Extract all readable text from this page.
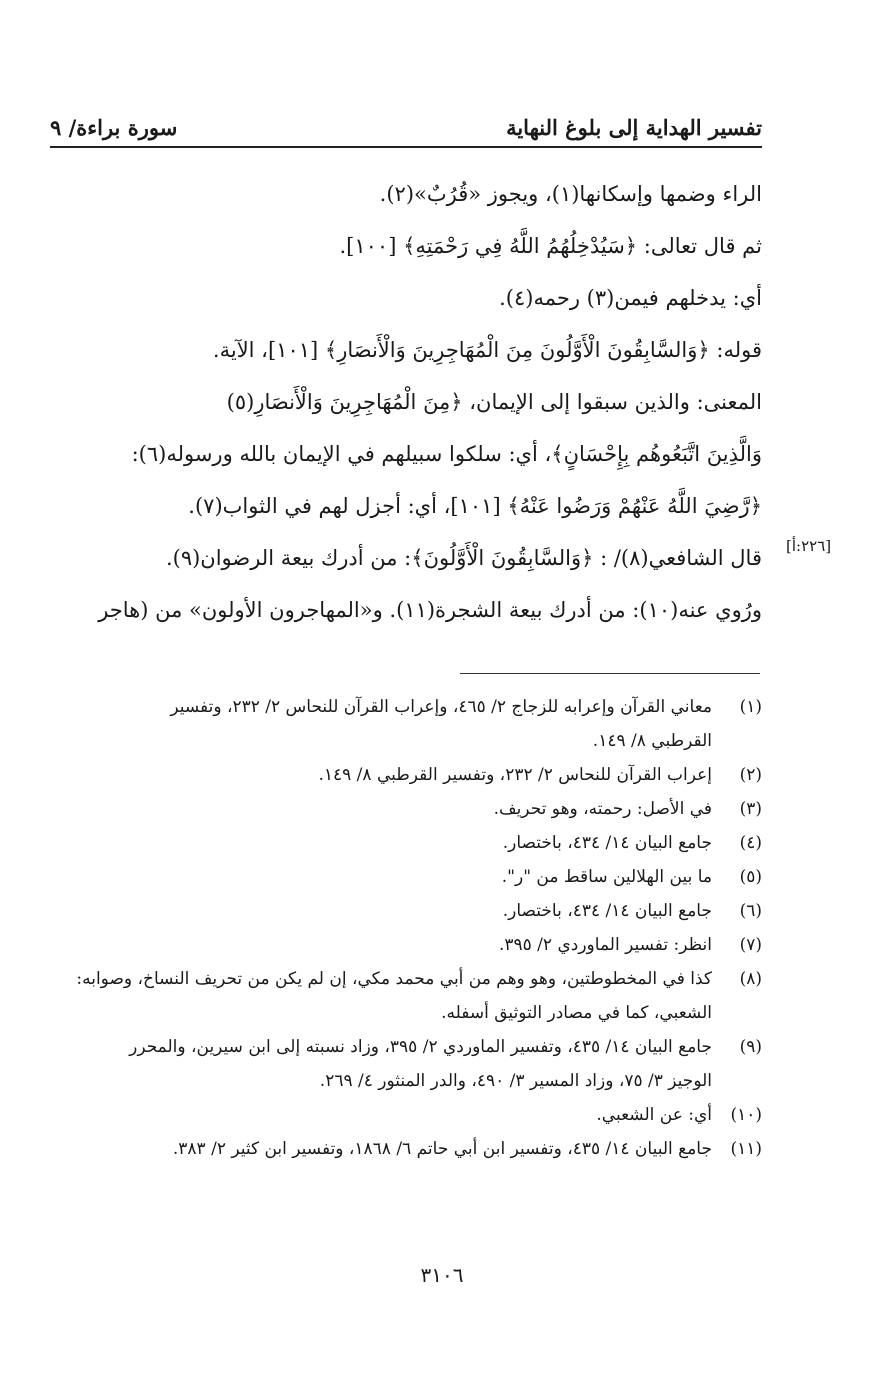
تفسير الهداية إلى بلوغ النهاية
سورة براءة/ ٩
الراء وضمها وإسكانها(١)، ويجوز «قُرُبٌ»(٢).
ثم قال تعالى: ﴿سَيُدْخِلُهُمُ اللَّهُ فِي رَحْمَتِهِ﴾ [١٠٠].
أي: يدخلهم فيمن(٣) رحمه(٤).
قوله: ﴿وَالسَّابِقُونَ الْأَوَّلُونَ مِنَ الْمُهَاجِرِينَ وَالْأَنصَارِ﴾ [١٠١]، الآية.
المعنى: والذين سبقوا إلى الإيمان، ﴿مِنَ الْمُهَاجِرِينَ وَالْأَنصَارِ(٥)
وَالَّذِينَ اتَّبَعُوهُم بِإِحْسَانٍ﴾، أي: سلكوا سبيلهم في الإيمان بالله ورسوله(٦):
﴿رَّضِيَ اللَّهُ عَنْهُمْ وَرَضُوا عَنْهُ﴾ [١٠١]، أي: أجزل لهم في الثواب(٧).
قال الشافعي(٨)/ : ﴿وَالسَّابِقُونَ الْأَوَّلُونَ﴾: من أدرك بيعة الرضوان(٩).
ورُوي عنه(١٠): من أدرك بيعة الشجرة(١١). و«المهاجرون الأولون» من (هاجر
[٢٢٦:أ]
(١)
معاني القرآن وإعرابه للزجاج ٢/ ٤٦٥، وإعراب القرآن للنحاس ٢/ ٢٣٢، وتفسير
القرطبي ٨/ ١٤٩.
(٢)
إعراب القرآن للنحاس ٢/ ٢٣٢، وتفسير القرطبي ٨/ ١٤٩.
(٣)
في الأصل: رحمته، وهو تحريف.
(٤)
جامع البيان ١٤/ ٤٣٤، باختصار.
(٥)
ما بين الهلالين ساقط من "ر".
(٦)
جامع البيان ١٤/ ٤٣٤، باختصار.
(٧)
انظر: تفسير الماوردي ٢/ ٣٩٥.
(٨)
كذا في المخطوطتين، وهو وهم من أبي محمد مكي، إن لم يكن من تحريف النساخ، وصوابه:
الشعبي، كما في مصادر التوثيق أسفله.
(٩)
جامع البيان ١٤/ ٤٣٥، وتفسير الماوردي ٢/ ٣٩٥، وزاد نسبته إلى ابن سيرين، والمحرر
الوجيز ٣/ ٧٥، وزاد المسير ٣/ ٤٩٠، والدر المنثور ٤/ ٢٦٩.
(١٠)
أي: عن الشعبي.
(١١)
جامع البيان ١٤/ ٤٣٥، وتفسير ابن أبي حاتم ٦/ ١٨٦٨، وتفسير ابن كثير ٢/ ٣٨٣.
٣١٠٦
